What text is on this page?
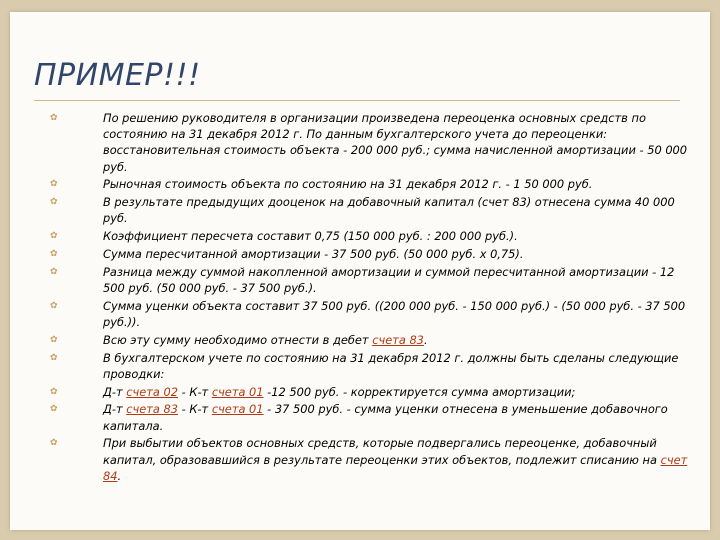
ПРИМЕР!!!
✿	По решению руководителя в организации произведена переоценка основных средств по состоянию на 31 декабря 2012 г. По данным бухгалтерского учета до переоценки: восстановительная стоимость объекта - 200 000 руб.; сумма начисленной амортизации - 50 000 руб.
✿	Рыночная стоимость объекта по состоянию на 31 декабря 2012 г. - 1 50 000 руб.
✿	В результате предыдущих дооценок на добавочный капитал (счет 83) отнесена сумма 40 000 руб.
✿	Коэффициент пересчета составит 0,75 (150 000 руб. : 200 000 руб.).
✿	Сумма пересчитанной амортизации - 37 500 руб. (50 000 руб. x 0,75).
✿	Разница между суммой накопленной амортизации и суммой пересчитанной амортизации - 12 500 руб. (50 000 руб. - 37 500 руб.).
✿	Сумма уценки объекта составит 37 500 руб. ((200 000 руб. - 150 000 руб.) - (50 000 руб. - 37 500 руб.)).
✿	Всю эту сумму необходимо отнести в дебет счета 83.
✿	В бухгалтерском учете по состоянию на 31 декабря 2012 г. должны быть сделаны следующие проводки:
✿	Д-т счета 02 - К-т счета 01 -12 500 руб. - корректируется сумма амортизации;
✿	Д-т счета 83 - К-т счета 01 - 37 500 руб. - сумма уценки отнесена в уменьшение добавочного капитала.
✿	При выбытии объектов основных средств, которые подвергались переоценке, добавочный капитал, образовавшийся в результате переоценки этих объектов, подлежит списанию на счет 84.
